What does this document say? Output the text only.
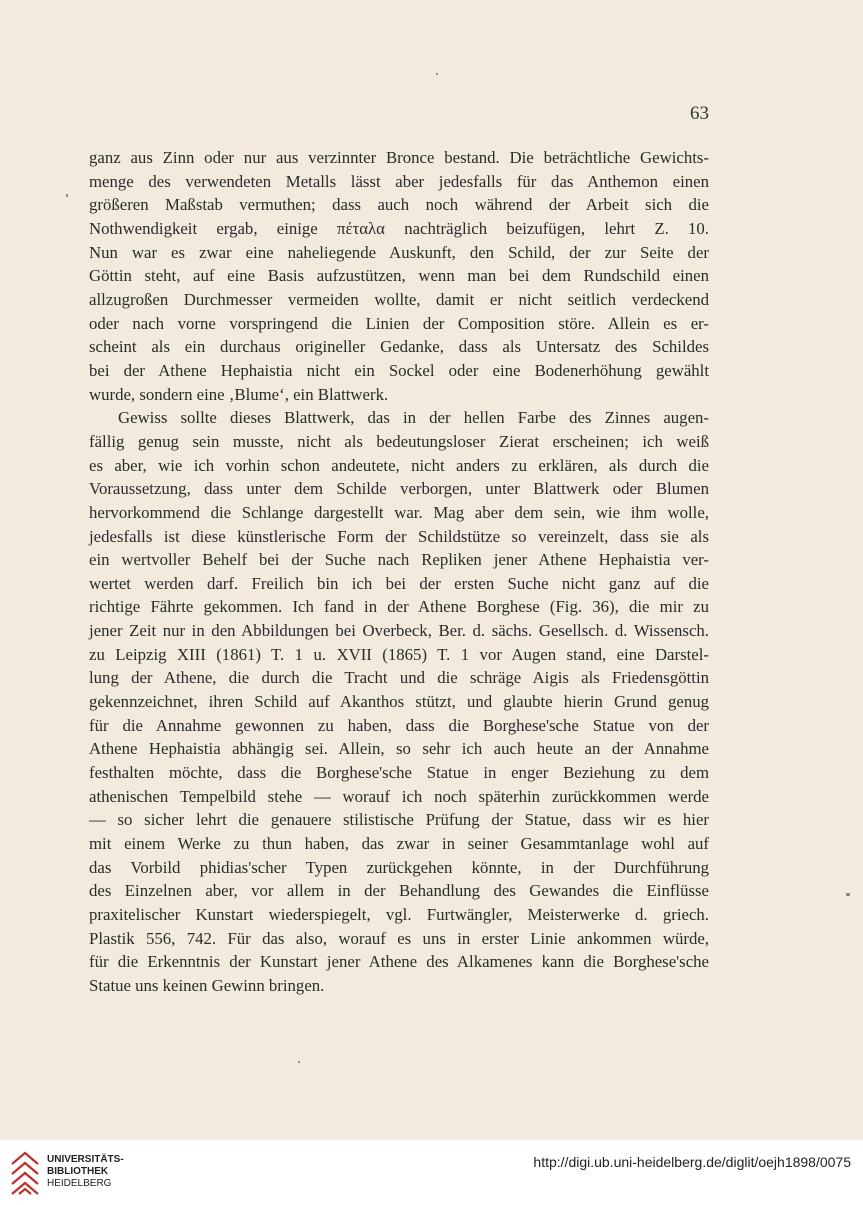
63
ganz aus Zinn oder nur aus verzinnter Bronce bestand. Die beträchtliche Gewichts-
menge des verwendeten Metalls lässt aber jedesfalls für das Anthemon einen
größeren Maßstab vermuthen; dass auch noch während der Arbeit sich die
Nothwendigkeit ergab, einige πέταλα nachträglich beizufügen, lehrt Z. 10.
Nun war es zwar eine naheliegende Auskunft, den Schild, der zur Seite der
Göttin steht, auf eine Basis aufzustützen, wenn man bei dem Rundschild einen
allzugroßen Durchmesser vermeiden wollte, damit er nicht seitlich verdeckend
oder nach vorne vorspringend die Linien der Composition störe. Allein es er-
scheint als ein durchaus origineller Gedanke, dass als Untersatz des Schildes
bei der Athene Hephaistia nicht ein Sockel oder eine Bodenerhöhung gewählt
wurde, sondern eine ‚Blume‘, ein Blattwerk.
Gewiss sollte dieses Blattwerk, das in der hellen Farbe des Zinnes augen-
fällig genug sein musste, nicht als bedeutungsloser Zierat erscheinen; ich weiß
es aber, wie ich vorhin schon andeutete, nicht anders zu erklären, als durch die
Voraussetzung, dass unter dem Schilde verborgen, unter Blattwerk oder Blumen
hervorkommend die Schlange dargestellt war. Mag aber dem sein, wie ihm wolle,
jedesfalls ist diese künstlerische Form der Schildstütze so vereinzelt, dass sie als
ein wertvoller Behelf bei der Suche nach Repliken jener Athene Hephaistia ver-
wertet werden darf. Freilich bin ich bei der ersten Suche nicht ganz auf die
richtige Fährte gekommen. Ich fand in der Athene Borghese (Fig. 36), die mir zu
jener Zeit nur in den Abbildungen bei Overbeck, Ber. d. sächs. Gesellsch. d. Wissensch.
zu Leipzig XIII (1861) T. 1 u. XVII (1865) T. 1 vor Augen stand, eine Darstel-
lung der Athene, die durch die Tracht und die schräge Aigis als Friedensgöttin
gekennzeichnet, ihren Schild auf Akanthos stützt, und glaubte hierin Grund genug
für die Annahme gewonnen zu haben, dass die Borghese'sche Statue von der
Athene Hephaistia abhängig sei. Allein, so sehr ich auch heute an der Annahme
festhalten möchte, dass die Borghese'sche Statue in enger Beziehung zu dem
athenischen Tempelbild stehe — worauf ich noch späterhin zurückkommen werde
— so sicher lehrt die genauere stilistische Prüfung der Statue, dass wir es hier
mit einem Werke zu thun haben, das zwar in seiner Gesammtanlage wohl auf
das Vorbild phidias'scher Typen zurückgehen könnte, in der Durchführung
des Einzelnen aber, vor allem in der Behandlung des Gewandes die Einflüsse
praxitelischer Kunstart wiederspiegelt, vgl. Furtwängler, Meisterwerke d. griech.
Plastik 556, 742. Für das also, worauf es uns in erster Linie ankommen würde,
für die Erkenntnis der Kunstart jener Athene des Alkamenes kann die Borghese'sche
Statue uns keinen Gewinn bringen.
UNIVERSITÄTS-
BIBLIOTHEK
HEIDELBERG
http://digi.ub.uni-heidelberg.de/diglit/oejh1898/0075
